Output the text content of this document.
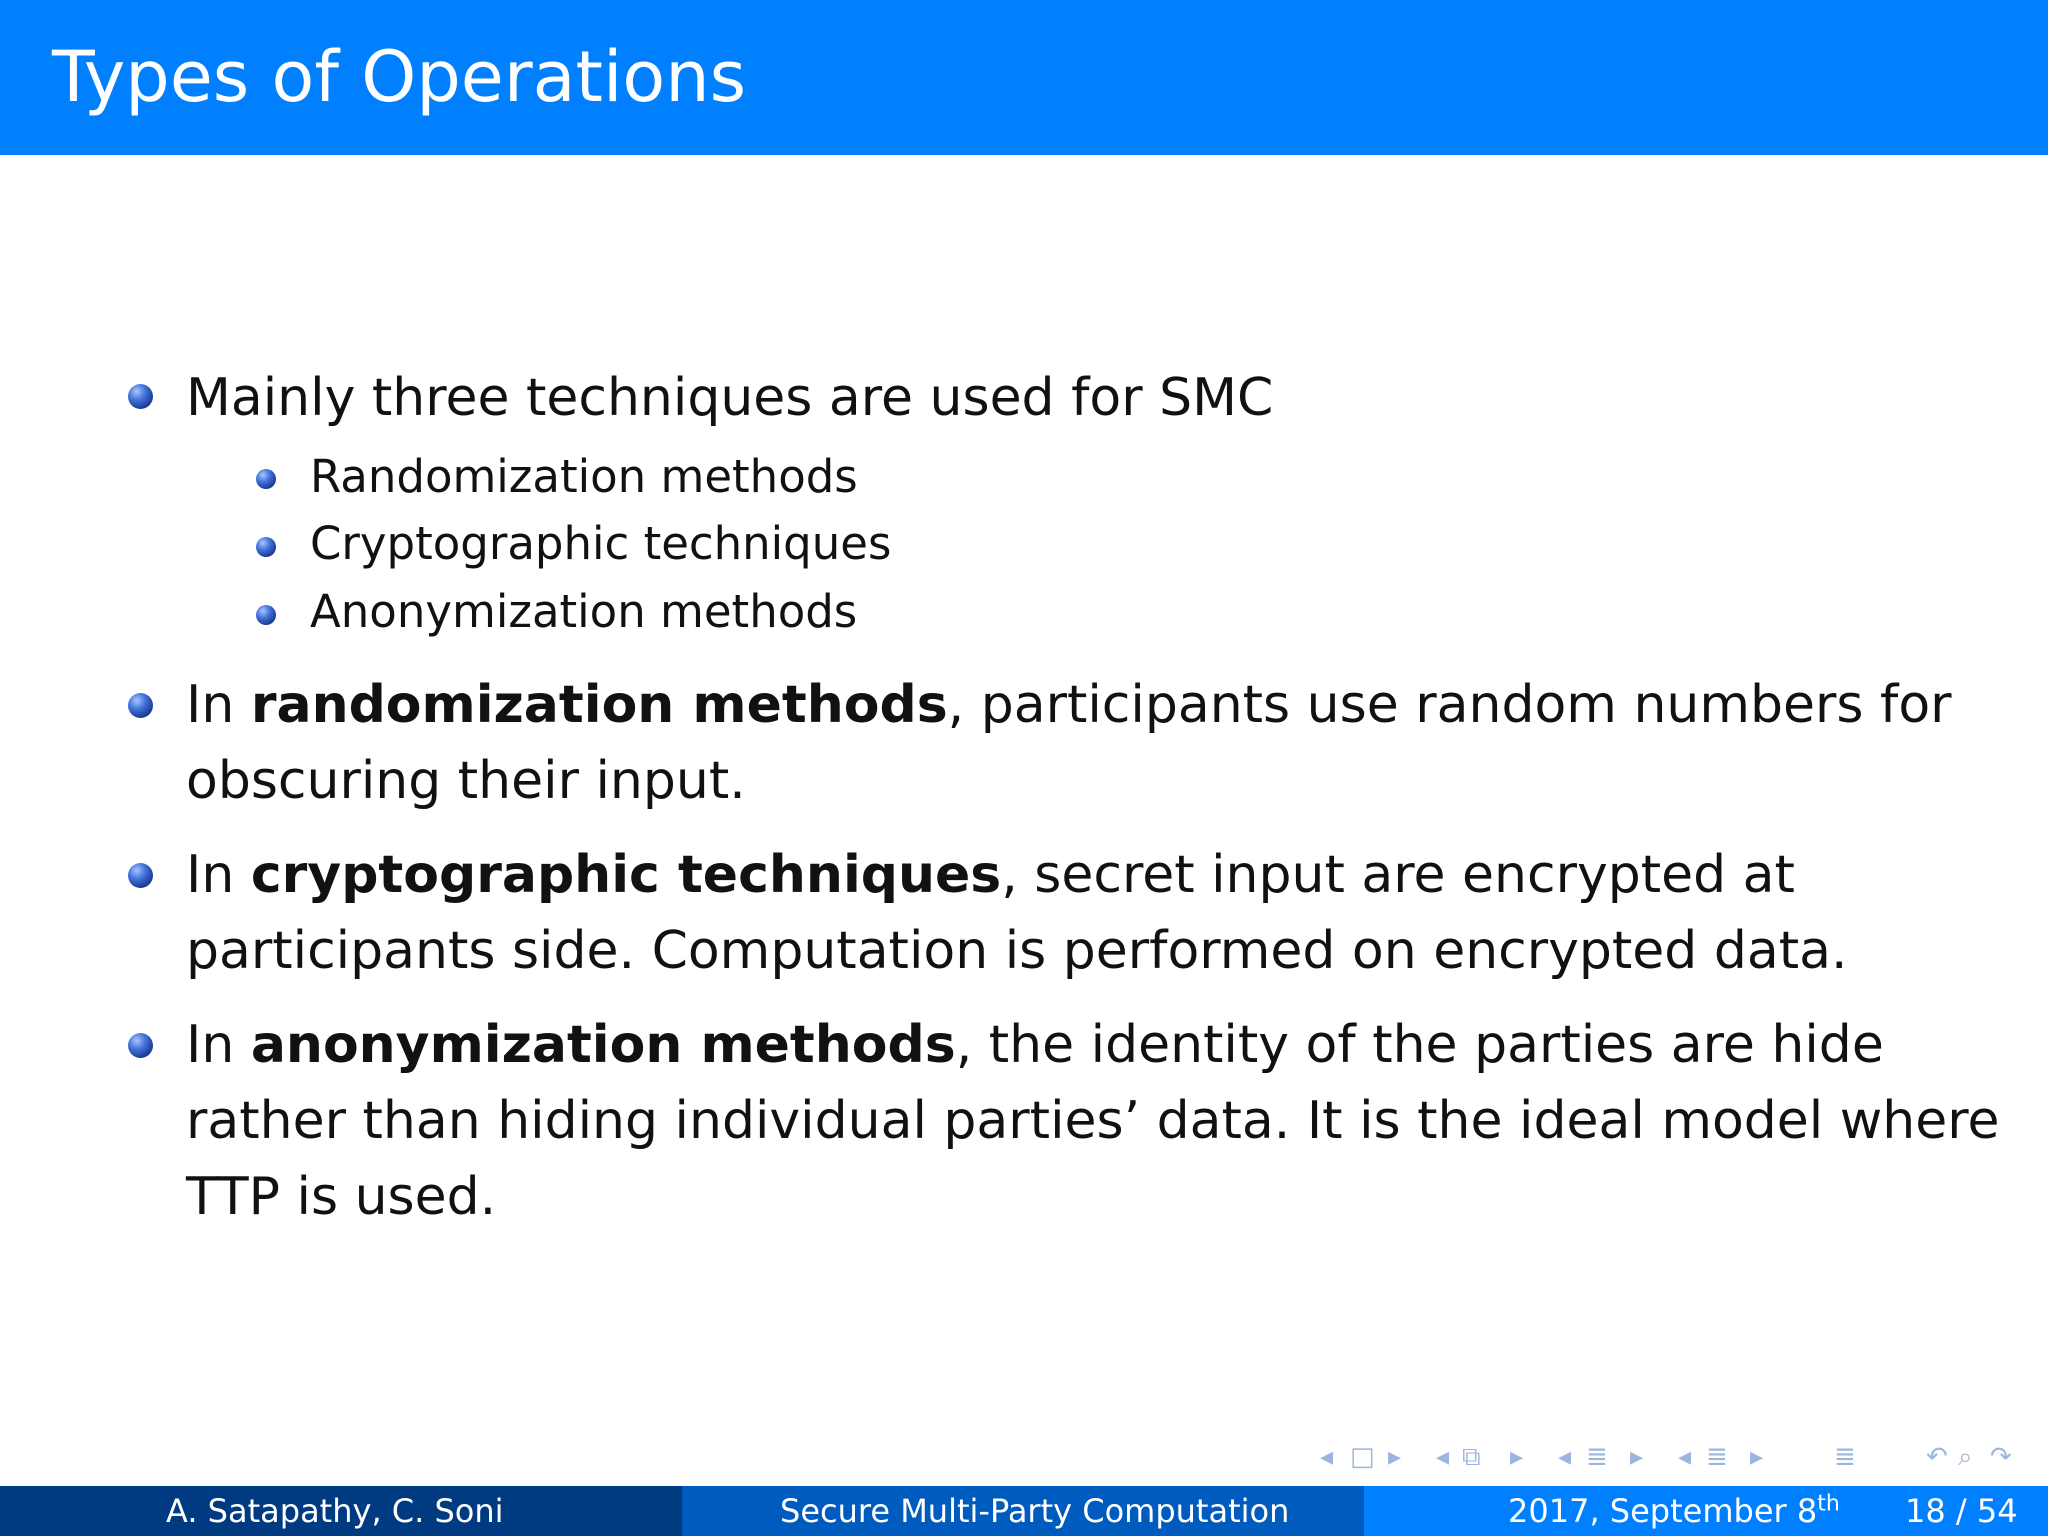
Types of Operations
Mainly three techniques are used for SMC
Randomization methods
Cryptographic techniques
Anonymization methods
In randomization methods, participants use random numbers for
obscuring their input.
In cryptographic techniques, secret input are encrypted at
participants side. Computation is performed on encrypted data.
In anonymization methods, the identity of the parties are hide
rather than hiding individual parties’ data. It is the ideal model where
TTP is used.
◂ □ ▸ ◂ ⧉ ▸ ◂ ≣ ▸ ◂ ≣ ▸	≣	↶ ⌕ ↷
A. Satapathy, C. Soni	Secure Multi-Party Computation	2017, September 8th 18 / 54
